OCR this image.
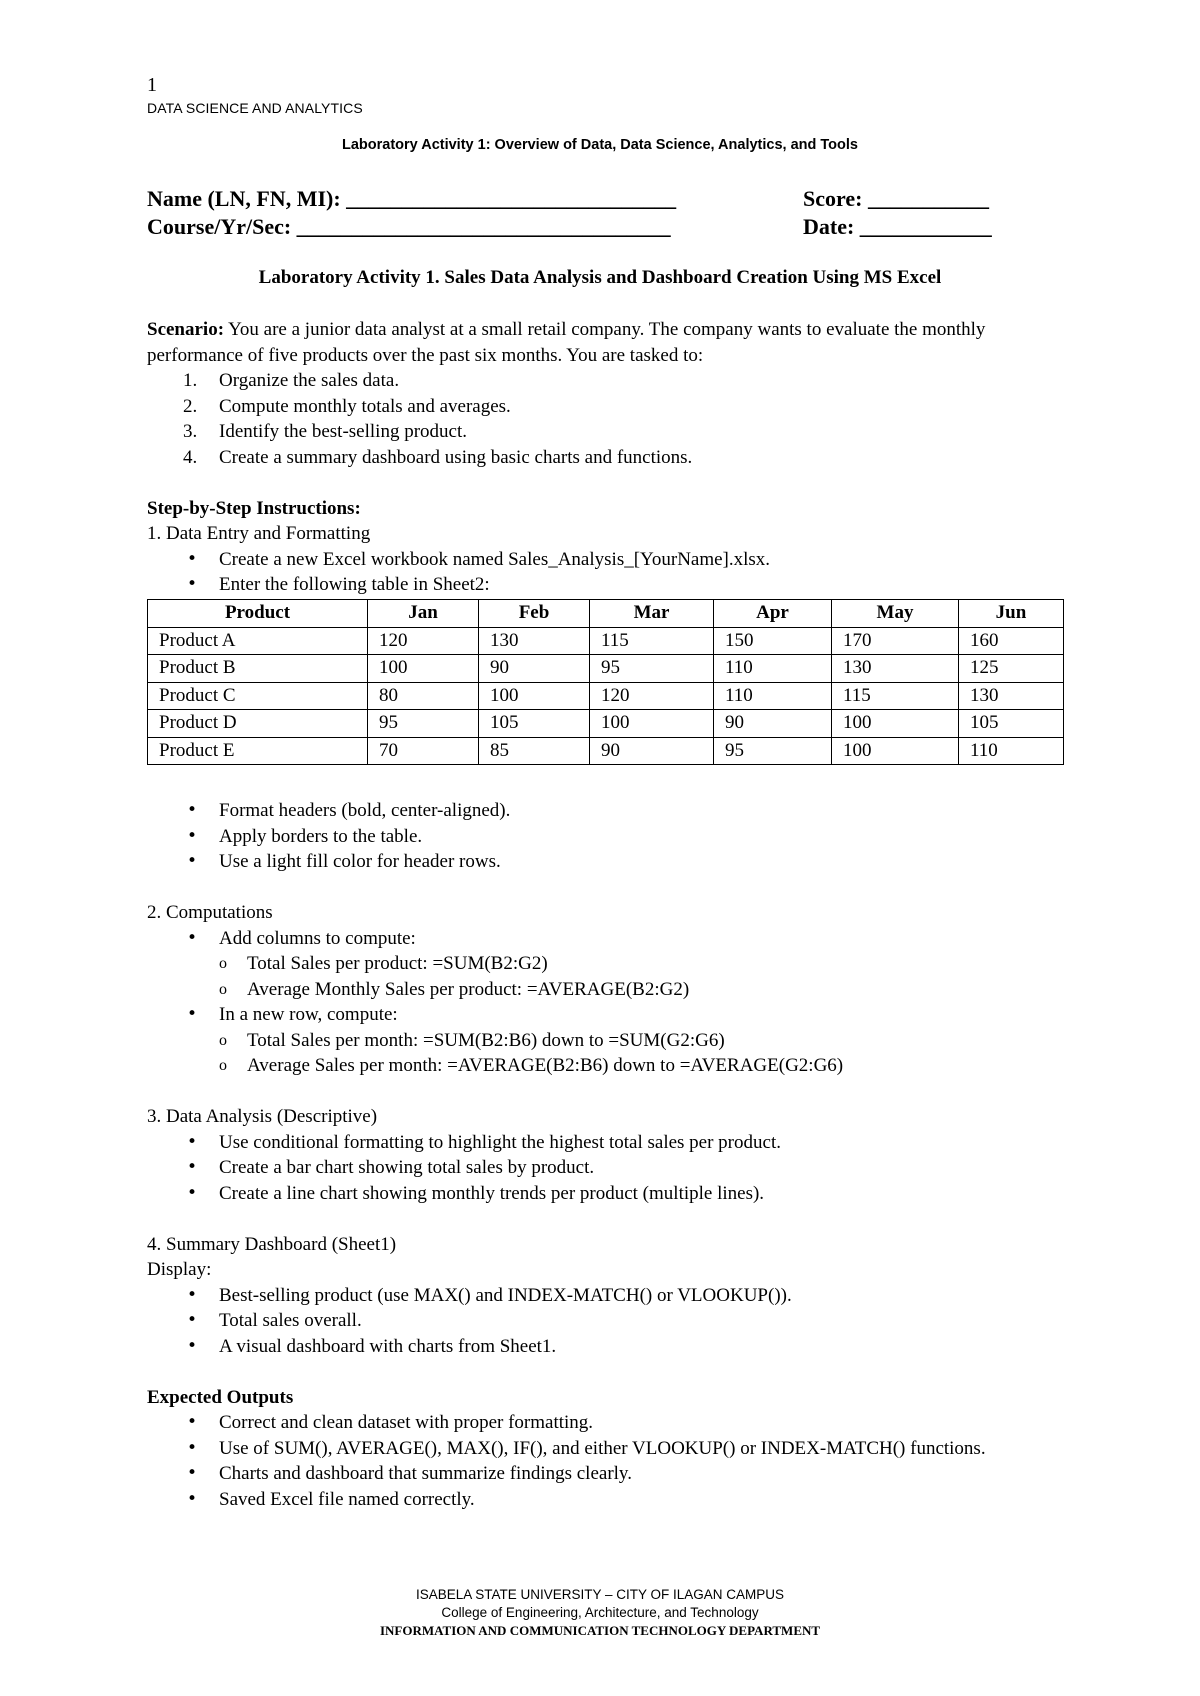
1
DATA SCIENCE AND ANALYTICS
Laboratory Activity 1: Overview of Data, Data Science, Analytics, and Tools
Name (LN, FN, MI): ______________________________
Course/Yr/Sec: __________________________________
Score: ___________
Date: ____________
Laboratory Activity 1. Sales Data Analysis and Dashboard Creation Using MS Excel
Scenario: You are a junior data analyst at a small retail company. The company wants to evaluate the monthly performance of five products over the past six months. You are tasked to:
1. Organize the sales data.
2. Compute monthly totals and averages.
3. Identify the best-selling product.
4. Create a summary dashboard using basic charts and functions.
Step-by-Step Instructions:
1. Data Entry and Formatting
• Create a new Excel workbook named Sales_Analysis_[YourName].xlsx.
• Enter the following table in Sheet2:
Product	Jan	Feb	Mar	Apr	May	Jun
Product A	120	130	115	150	170	160
Product B	100	90	95	110	130	125
Product C	80	100	120	110	115	130
Product D	95	105	100	90	100	105
Product E	70	85	90	95	100	110
• Format headers (bold, center-aligned).
• Apply borders to the table.
• Use a light fill color for header rows.
2. Computations
• Add columns to compute:
o Total Sales per product: =SUM(B2:G2)
o Average Monthly Sales per product: =AVERAGE(B2:G2)
• In a new row, compute:
o Total Sales per month: =SUM(B2:B6) down to =SUM(G2:G6)
o Average Sales per month: =AVERAGE(B2:B6) down to =AVERAGE(G2:G6)
3. Data Analysis (Descriptive)
• Use conditional formatting to highlight the highest total sales per product.
• Create a bar chart showing total sales by product.
• Create a line chart showing monthly trends per product (multiple lines).
4. Summary Dashboard (Sheet1)
Display:
• Best-selling product (use MAX() and INDEX-MATCH() or VLOOKUP()).
• Total sales overall.
• A visual dashboard with charts from Sheet1.
Expected Outputs
• Correct and clean dataset with proper formatting.
• Use of SUM(), AVERAGE(), MAX(), IF(), and either VLOOKUP() or INDEX-MATCH() functions.
• Charts and dashboard that summarize findings clearly.
• Saved Excel file named correctly.
ISABELA STATE UNIVERSITY – CITY OF ILAGAN CAMPUS
College of Engineering, Architecture, and Technology
INFORMATION AND COMMUNICATION TECHNOLOGY DEPARTMENT
